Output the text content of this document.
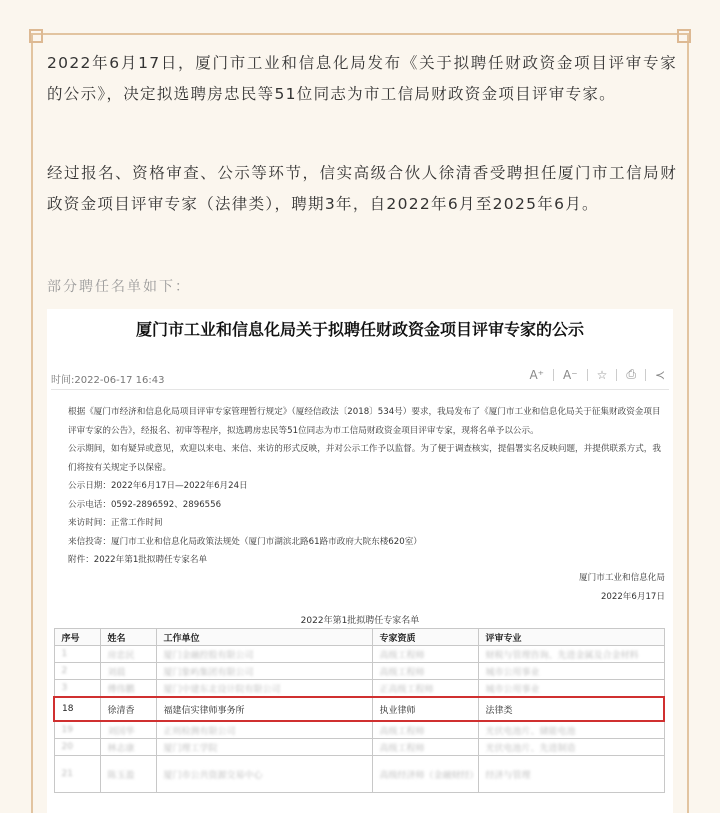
2022年6月17日，厦门市工业和信息化局发布《关于拟聘任财政资金项目评审专家的公示》，决定拟选聘房忠民等51位同志为市工信局财政资金项目评审专家。

经过报名、资格审查、公示等环节，信实高级合伙人徐清香受聘担任厦门市工信局财政资金项目评审专家（法律类），聘期3年，自2022年6月至2025年6月。

部分聘任名单如下：
厦门市工业和信息化局关于拟聘任财政资金项目评审专家的公示
时间:2022-06-17 16:43	A⁺ A⁻ ☆ ⎙ ≺
根据《厦门市经济和信息化局项目评审专家管理暂行规定》（厦经信政法〔2018〕534号）要求，我局发布了《厦门市工业和信息化局关于征集财政资金项目评审专家的公告》，经报名、初审等程序，拟选聘房忠民等51位同志为市工信局财政资金项目评审专家，现将名单予以公示。
公示期间，如有疑异或意见，欢迎以来电、来信、来访的形式反映，并对公示工作予以监督。为了便于调查核实，提倡署实名反映问题，并提供联系方式，我们将按有关规定予以保密。
公示日期：2022年6月17日—2022年6月24日
公示电话：0592-2896592、2896556
来访时间：正常工作时间
来信投寄：厦门市工业和信息化局政策法规处（厦门市湖滨北路61路市政府大院东楼620室）
附件：2022年第1批拟聘任专家名单
厦门市工业和信息化局
2022年6月17日
2022年第1批拟聘任专家名单
序号	姓名	工作单位	专家资质	评审专业
1	房忠民	厦门金融控股有限公司	高级工程师	财税与管理咨询、先进金属及合金材料
2	刘晨	厦门象屿集团有限公司	高级工程师	城市公用事业
3	傅伟鹏	厦门中建东北设计院有限公司	正高级工程师	城市公用事业
18	徐清香	福建信实律师事务所	执业律师	法律类
19	刘国华	正则检测有限公司	高级工程师	光伏电池片、储能电池
20	林志康	厦门理工学院	高级工程师	光伏电池片、先进制造
21	陈玉盈	厦门市公共资源交易中心	高级经济师（金融财经）	经济与管理
